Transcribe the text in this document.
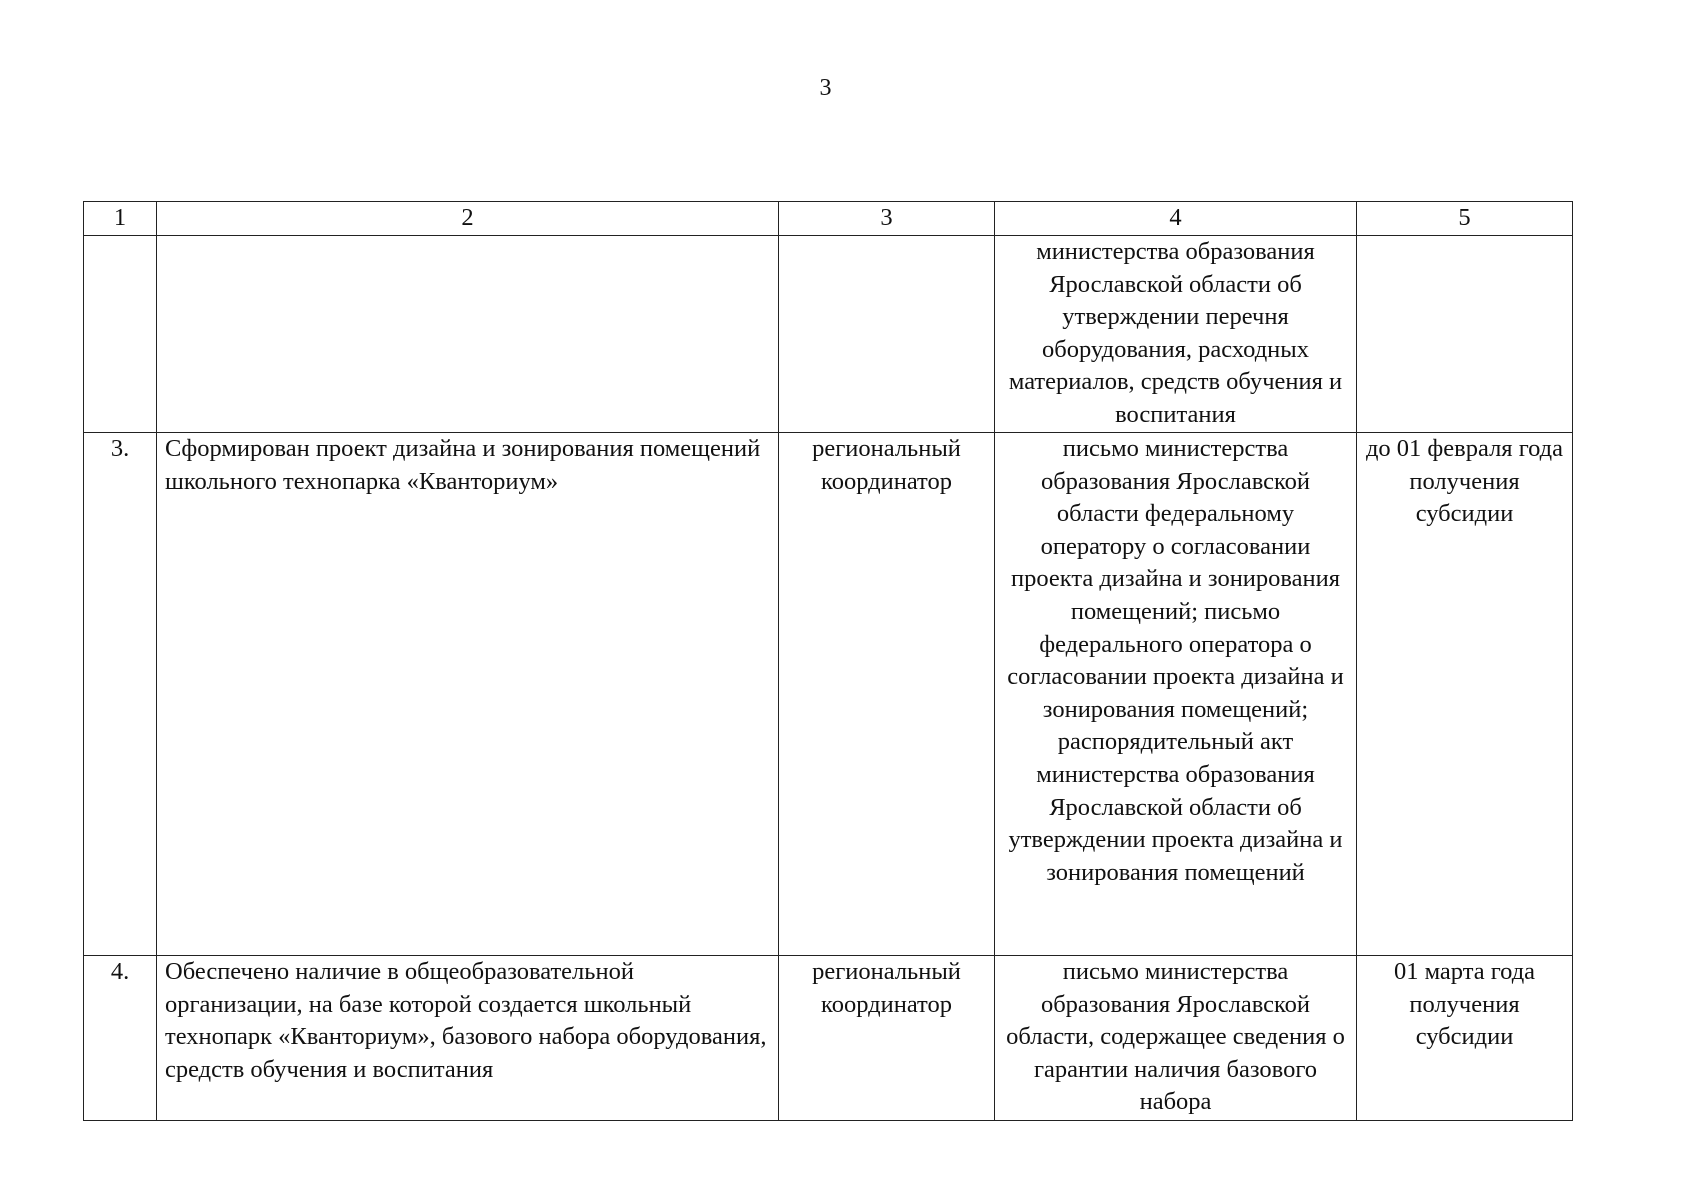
3
1	2	3	4	5
			министерства образования Ярославской области об утверждении перечня оборудования, расходных материалов, средств обучения и воспитания	
3.	Сформирован проект дизайна и зонирования помещений школьного технопарка «Кванториум»	региональный координатор	письмо министерства образования Ярославской области федеральному оператору о согласовании проекта дизайна и зонирования помещений; письмо федерального оператора о согласовании проекта дизайна и зонирования помещений; распорядительный акт министерства образования Ярославской области об утверждении проекта дизайна и зонирования помещений	до 01 февраля года получения субсидии
4.	Обеспечено наличие в общеобразовательной организации, на базе которой создается школьный технопарк «Кванториум», базового набора оборудования, средств обучения и воспитания	региональный координатор	письмо министерства образования Ярославской области, содержащее сведения о гарантии наличия базового набора	01 марта года получения субсидии
